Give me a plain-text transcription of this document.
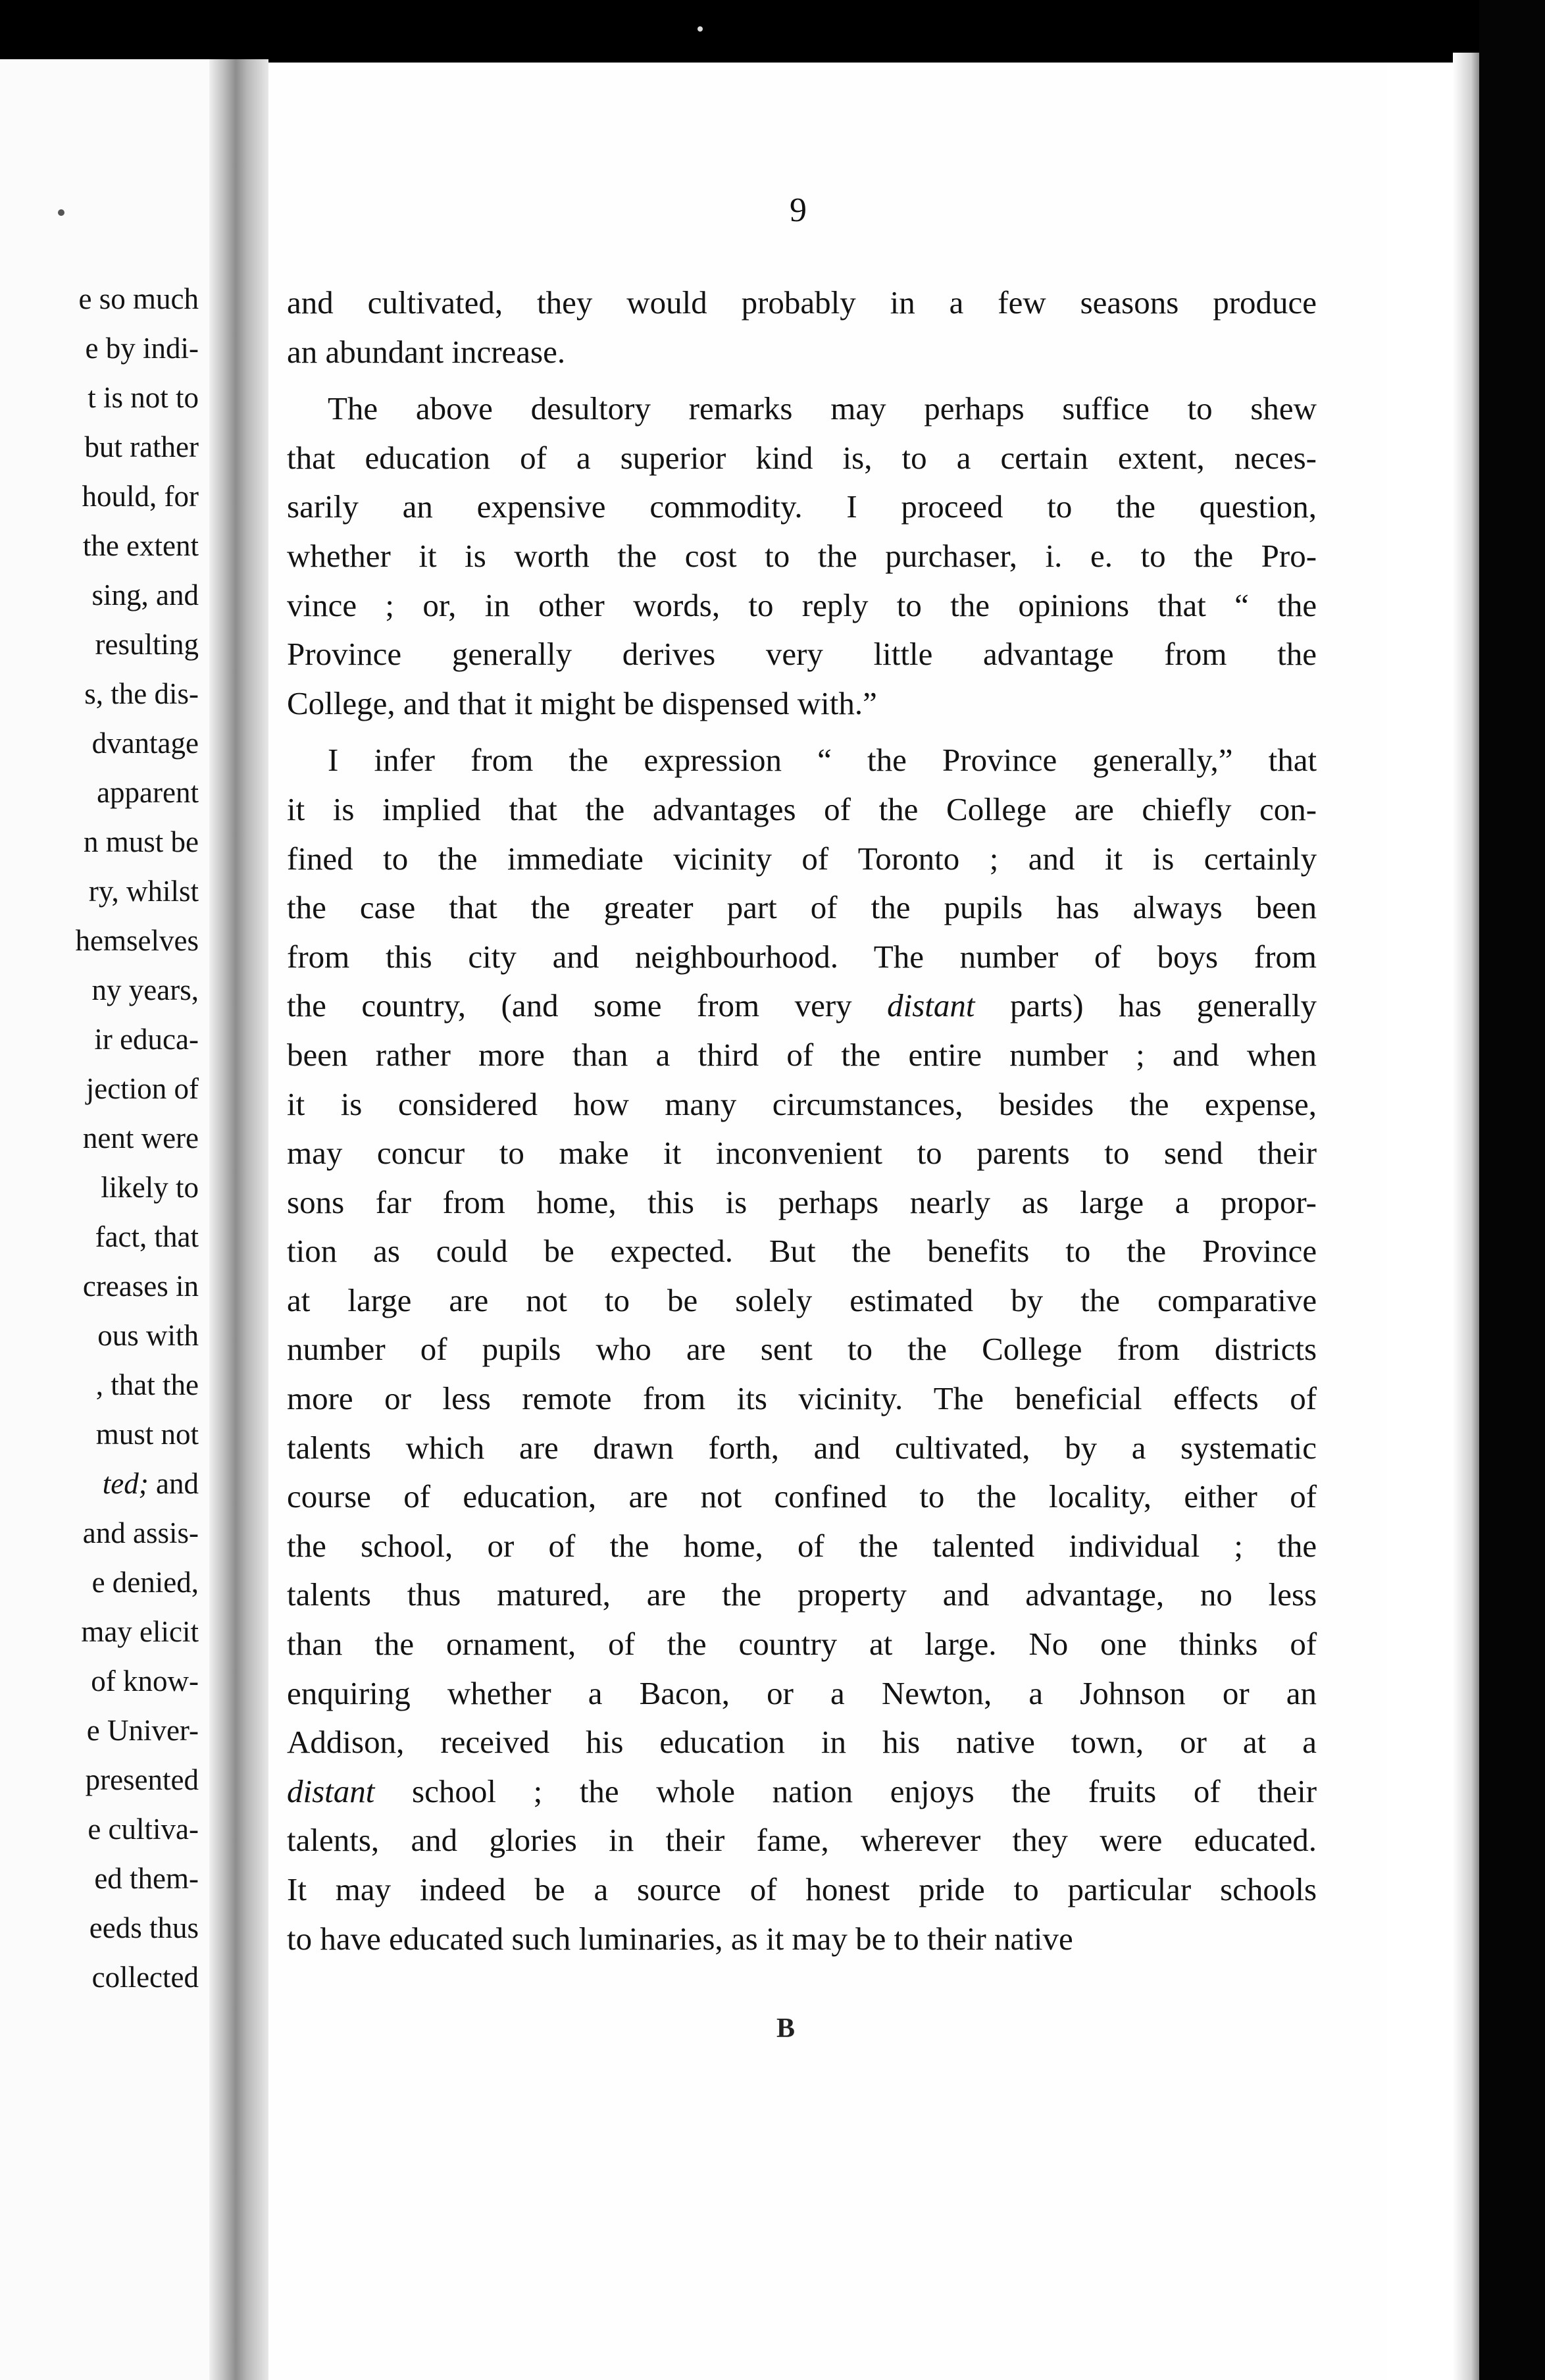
e so much
e by indi-
t is not to
but rather
hould, for
the extent
sing, and
resulting
s, the dis-
dvantage
apparent
n must be
ry, whilst
hemselves
ny years,
ir educa-
jection of
nent were
likely to
fact, that
creases in
ous with
, that the
must not
ted; and
and assis-
e denied,
may elicit
of know-
e Univer-
presented
e cultiva-
ed them-
eeds thus
collected
9
and cultivated, they would probably in a few seasons produce
an abundant increase.
The above desultory remarks may perhaps suffice to shew
that education of a superior kind is, to a certain extent, neces-
sarily an expensive commodity. I proceed to the question,
whether it is worth the cost to the purchaser, i. e. to the Pro-
vince ; or, in other words, to reply to the opinions that “ the
Province generally derives very little advantage from the
College, and that it might be dispensed with.”
I infer from the expression “ the Province generally,” that
it is implied that the advantages of the College are chiefly con-
fined to the immediate vicinity of Toronto ; and it is certainly
the case that the greater part of the pupils has always been
from this city and neighbourhood. The number of boys from
the country, (and some from very distant parts) has generally
been rather more than a third of the entire number ; and when
it is considered how many circumstances, besides the expense,
may concur to make it inconvenient to parents to send their
sons far from home, this is perhaps nearly as large a propor-
tion as could be expected. But the benefits to the Province
at large are not to be solely estimated by the comparative
number of pupils who are sent to the College from districts
more or less remote from its vicinity. The beneficial effects of
talents which are drawn forth, and cultivated, by a systematic
course of education, are not confined to the locality, either of
the school, or of the home, of the talented individual ; the
talents thus matured, are the property and advantage, no less
than the ornament, of the country at large. No one thinks of
enquiring whether a Bacon, or a Newton, a Johnson or an
Addison, received his education in his native town, or at a
distant school ; the whole nation enjoys the fruits of their
talents, and glories in their fame, wherever they were educated.
It may indeed be a source of honest pride to particular schools
to have educated such luminaries, as it may be to their native
B
